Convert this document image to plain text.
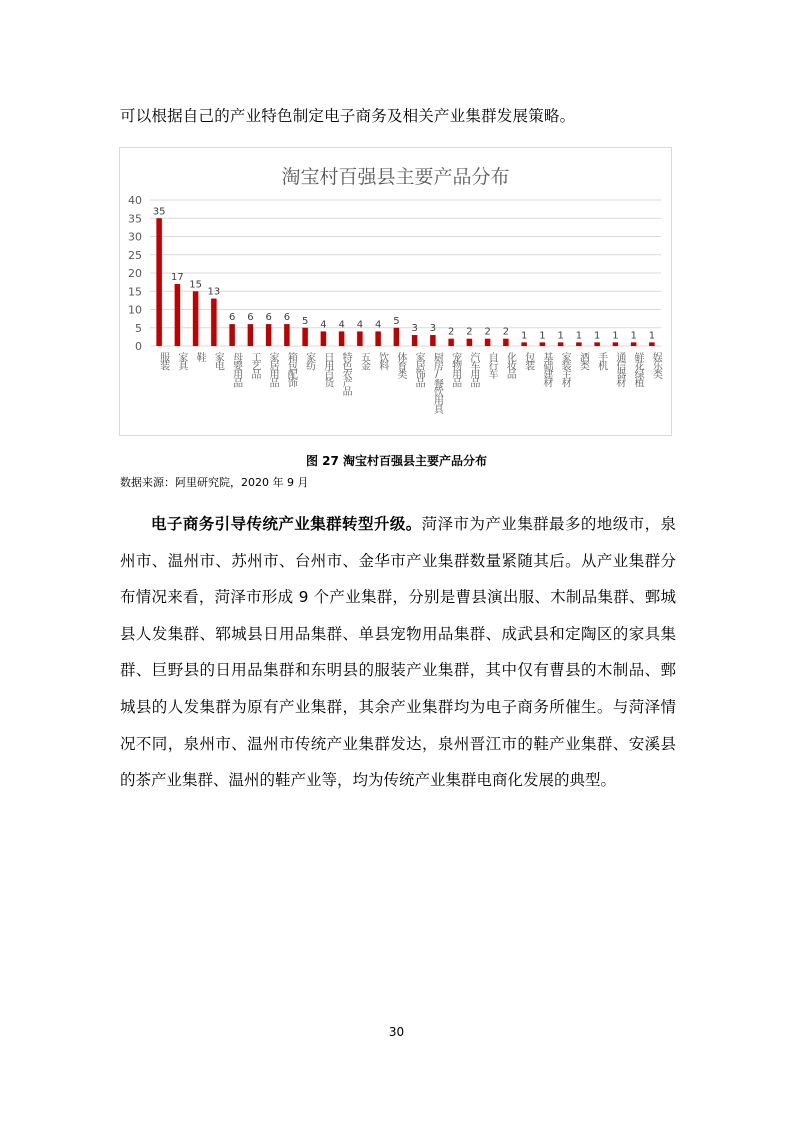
可以根据自己的产业特色制定电子商务及相关产业集群发展策略。
淘宝村百强县主要产品分布
0
5
10
15
20
25
30
35
40
35
服装
17
家具
15
鞋
13
家电
6
母婴用品
6
工艺品
6
家居用品
6
箱包配饰
5
家纺
4
日用百货
4
特色农产品
4
五金
4
饮料
5
体育类
3
家居饰品
3
厨房/餐饮用具
2
宠物用品
2
汽车用品
2
自行车
2
化妆品
1
包装
1
基础建材
1
家装主材
1
酒类
1
手机
1
通信器材
1
鲜花绿植
1
娱乐类
图 27 淘宝村百强县主要产品分布
数据来源：阿里研究院，2020 年 9 月

电子商务引导传统产业集群转型升级。菏泽市为产业集群最多的地级市，泉州市、温州市、苏州市、台州市、金华市产业集群数量紧随其后。从产业集群分布情况来看，菏泽市形成 9 个产业集群，分别是曹县演出服、木制品集群、鄄城县人发集群、郓城县日用品集群、单县宠物用品集群、成武县和定陶区的家具集群、巨野县的日用品集群和东明县的服装产业集群，其中仅有曹县的木制品、鄄城县的人发集群为原有产业集群，其余产业集群均为电子商务所催生。与菏泽情况不同，泉州市、温州市传统产业集群发达，泉州晋江市的鞋产业集群、安溪县的茶产业集群、温州的鞋产业等，均为传统产业集群电商化发展的典型。

30
